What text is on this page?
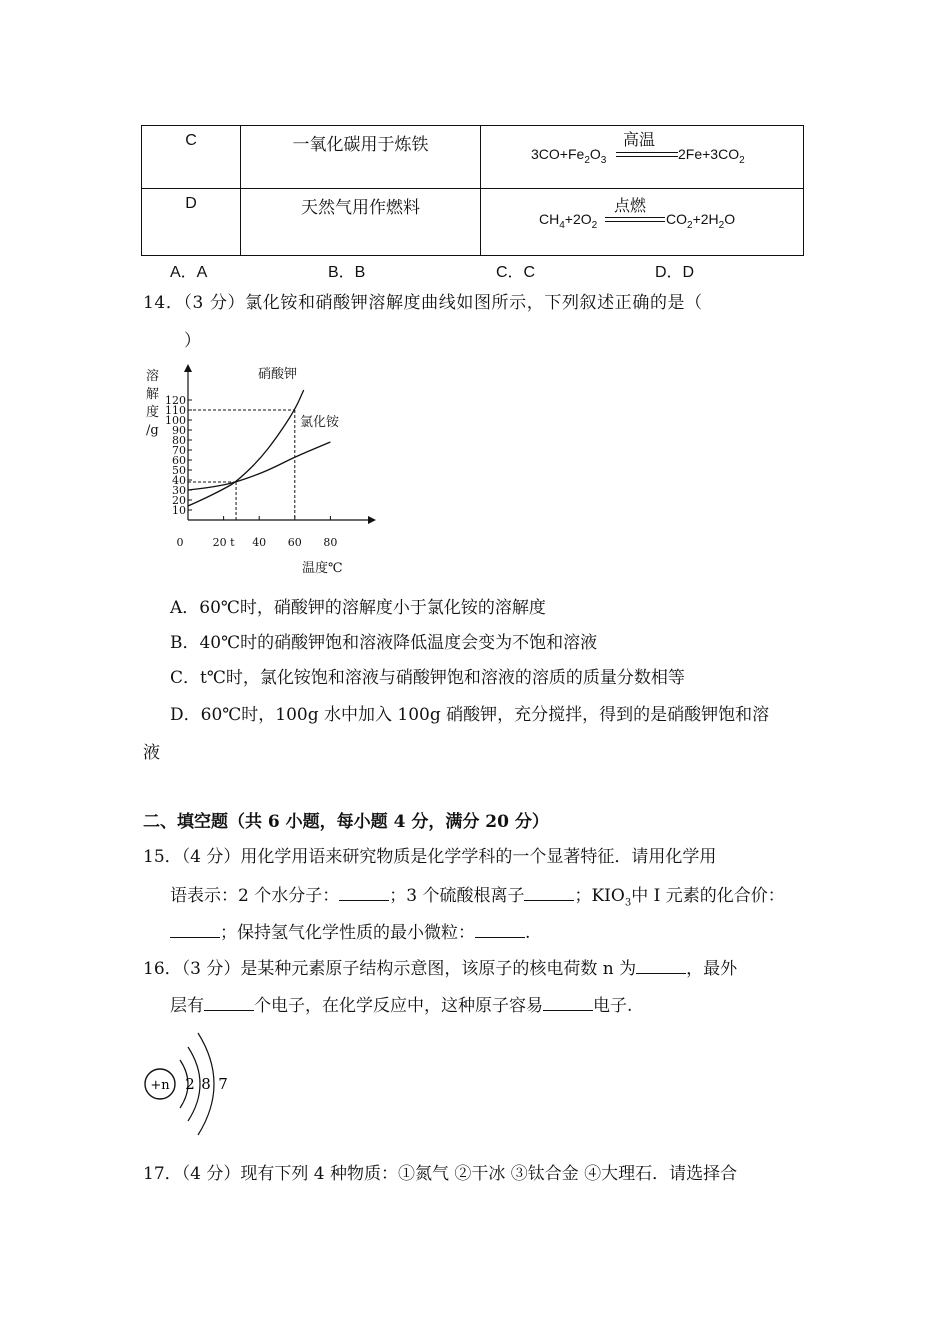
C	一氧化碳用于炼铁	高温
$3CO+Fe_2O_3$ $2Fe+3CO_2$

D	天然气用作燃料	点燃
$CH_4+2O_2$ $CO_2+2H_2O$
A．A	B．B	C．C	D．D
14．（3 分）氯化铵和硝酸钾溶解度曲线如图所示，下列叙述正确的是（
）
10
20
30
40
50
60
70
80
90
100
110
120
0	20 t 40 60 80
溶
解
度
/g
温度℃
硝酸钾
氯化铵
A．60℃时，硝酸钾的溶解度小于氯化铵的溶解度
B．40℃时的硝酸钾饱和溶液降低温度会变为不饱和溶液
C．t℃时，氯化铵饱和溶液与硝酸钾饱和溶液的溶质的质量分数相等
D．60℃时，100g 水中加入 100g 硝酸钾，充分搅拌，得到的是硝酸钾饱和溶
液
二、填空题（共 6 小题，每小题 4 分，满分 20 分）
15．（4 分）用化学用语来研究物质是化学学科的一个显著特征．请用化学用
语表示：2 个水分子：	；3 个硫酸根离子	；$KIO_3$中 I 元素的化合价：
；保持氢气化学性质的最小微粒：	.
16．（3 分）是某种元素原子结构示意图，该原子的核电荷数 n 为	，最外
层有	个电子，在化学反应中，这种原子容易	电子.
+n 2 8 7
17．（4 分）现有下列 4 种物质：①氮气 ②干冰 ③钛合金 ④大理石．请选择合
